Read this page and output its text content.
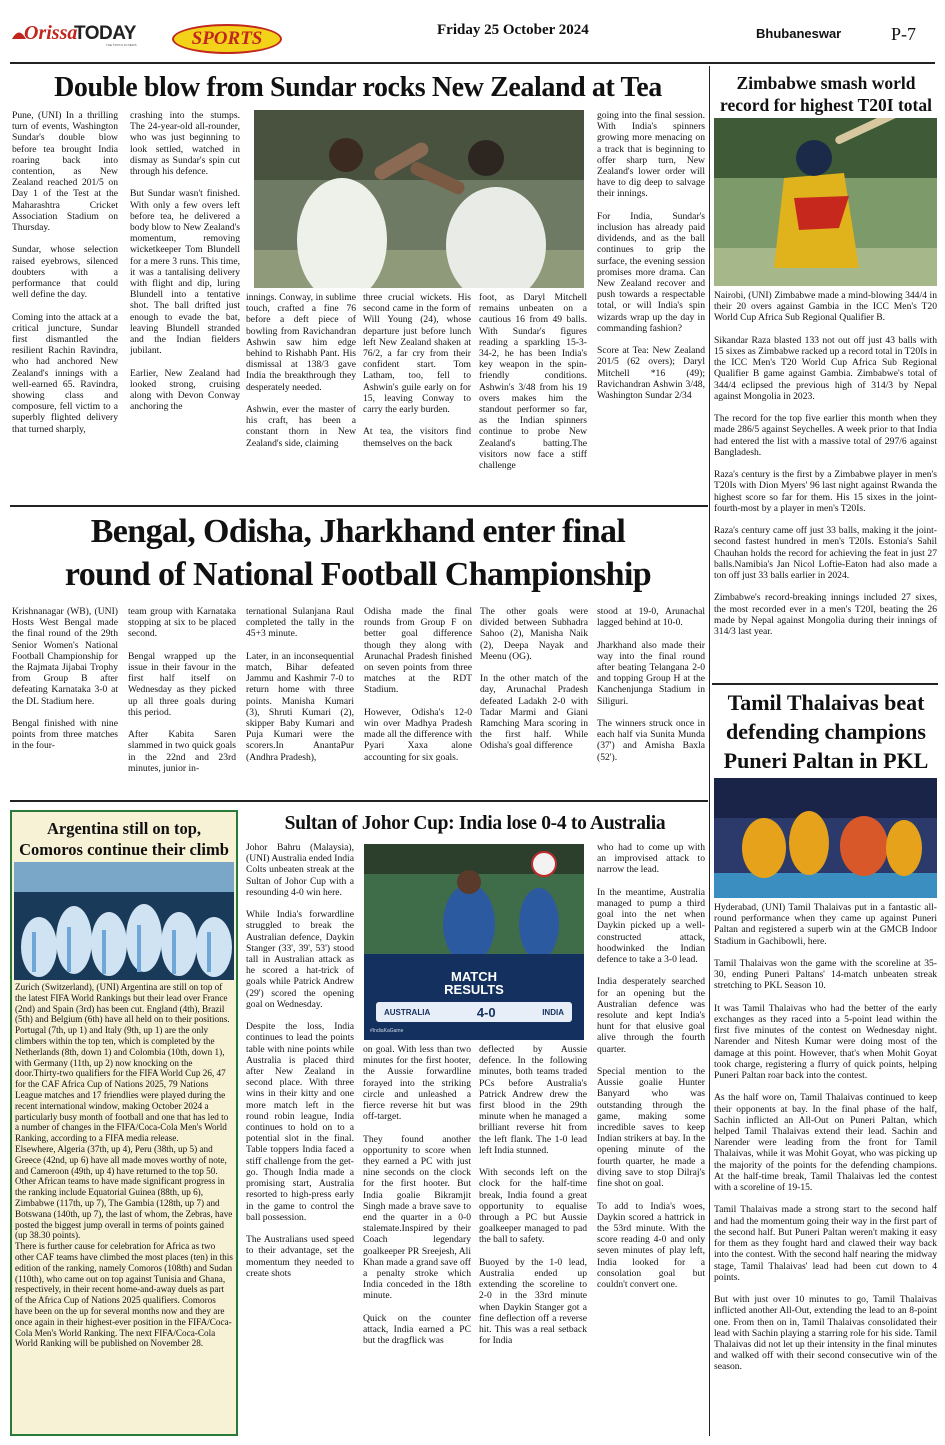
Orissa
TODAY
THE TRUTH IN NEWS	SPORTS	Friday 25 October 2024	Bhubaneswar	P-7
Double blow from Sundar rocks New Zealand at Tea
Pune, (UNI) In a thrilling turn of events, Washington Sundar's double blow before tea brought India roaring back into contention, as New Zealand reached 201/5 on Day 1 of the Test at the Maharashtra Cricket Association Stadium on Thursday.

Sundar, whose selection raised eyebrows, silenced doubters with a performance that could well define the day.

Coming into the attack at a critical juncture, Sundar first dismantled the resilient Rachin Ravindra, who had anchored New Zealand's innings with a well-earned 65. Ravindra, showing class and composure, fell victim to a superbly flighted delivery that turned sharply,
crashing into the stumps. The 24-year-old all-rounder, who was just beginning to look settled, watched in dismay as Sundar's spin cut through his defence.

But Sundar wasn't finished. With only a few overs left before tea, he delivered a body blow to New Zealand's momentum, removing wicketkeeper Tom Blundell for a mere 3 runs. This time, it was a tantalising delivery with flight and dip, luring Blundell into a tentative shot. The ball drifted just enough to evade the bat, leaving Blundell stranded and the Indian fielders jubilant.

Earlier, New Zealand had looked strong, cruising along with Devon Conway anchoring the
innings. Conway, in sublime touch, crafted a fine 76 before a deft piece of bowling from Ravichandran Ashwin saw him edge behind to Rishabh Pant. His dismissal at 138/3 gave India the breakthrough they desperately needed.

Ashwin, ever the master of his craft, has been a constant thorn in New Zealand's side, claiming
three crucial wickets. His second came in the form of Will Young (24), whose departure just before lunch left New Zealand shaken at 76/2, a far cry from their confident start. Tom Latham, too, fell to Ashwin's guile early on for 15, leaving Conway to carry the early burden.

At tea, the visitors find themselves on the back
foot, as Daryl Mitchell remains unbeaten on a cautious 16 from 49 balls. With Sundar's figures reading a sparkling 15-3-34-2, he has been India's key weapon in the spin-friendly conditions. Ashwin's 3/48 from his 19 overs makes him the standout performer so far, as the Indian spinners continue to probe New Zealand's batting.The visitors now face a stiff challenge
going into the final session. With India's spinners growing more menacing on a track that is beginning to offer sharp turn, New Zealand's lower order will have to dig deep to salvage their innings.

For India, Sundar's inclusion has already paid dividends, and as the ball continues to grip the surface, the evening session promises more drama. Can New Zealand recover and push towards a respectable total, or will India's spin wizards wrap up the day in commanding fashion?

Score at Tea: New Zealand 201/5 (62 overs); Daryl Mitchell *16 (49); Ravichandran Ashwin 3/48, Washington Sundar 2/34
Bengal, Odisha, Jharkhand enter final
round of National Football Championship
Krishnanagar (WB), (UNI) Hosts West Bengal made the final round of the 29th Senior Women's National Football Championship for the Rajmata Jijabai Trophy from Group B after defeating Karnataka 3-0 at the DL Stadium here.

Bengal finished with nine points from three matches in the four-
team group with Karnataka stopping at six to be placed second.

Bengal wrapped up the issue in their favour in the first half itself on Wednesday as they picked up all three goals during this period.

After Kabita Saren slammed in two quick goals in the 22nd and 23rd minutes, junior in-
ternational Sulanjana Raul completed the tally in the 45+3 minute.

Later, in an inconsequential match, Bihar defeated Jammu and Kashmir 7-0 to return home with three points. Manisha Kumari (3), Shruti Kumari (2), skipper Baby Kumari and Puja Kumari were the scorers.In AnantaPur (Andhra Pradesh),
Odisha made the final rounds from Group F on better goal difference though they along with Arunachal Pradesh finished on seven points from three matches at the RDT Stadium.

However, Odisha's 12-0 win over Madhya Pradesh made all the difference with Pyari Xaxa alone accounting for six goals.
The other goals were divided between Subhadra Sahoo (2), Manisha Naik (2), Deepa Nayak and Meenu (OG).

In the other match of the day, Arunachal Pradesh defeated Ladakh 2-0 with Tadar Marmi and Giani Ramching Mara scoring in the first half. While Odisha's goal difference
stood at 19-0, Arunachal lagged behind at 10-0.

Jharkhand also made their way into the final round after beating Telangana 2-0 and topping Group H at the Kanchenjunga Stadium in Siliguri.

The winners struck once in each half via Sunita Munda (37') and Amisha Baxla (52').
Zimbabwe smash world record for highest T20I total
Nairobi, (UNI) Zimbabwe made a mind-blowing 344/4 in their 20 overs against Gambia in the ICC Men's T20 World Cup Africa Sub Regional Qualifier B.

Sikandar Raza blasted 133 not out off just 43 balls with 15 sixes as Zimbabwe racked up a record total in T20Is in the ICC Men's T20 World Cup Africa Sub Regional Qualifier B game against Gambia. Zimbabwe's total of 344/4 eclipsed the previous high of 314/3 by Nepal against Mongolia in 2023.

The record for the top five earlier this month when they made 286/5 against Seychelles. A week prior to that India had entered the list with a massive total of 297/6 against Bangladesh.

Raza's century is the first by a Zimbabwe player in men's T20Is with Dion Myers' 96 last night against Rwanda the highest score so far for them. His 15 sixes in the joint-fourth-most by a player in men's T20Is.

Raza's century came off just 33 balls, making it the joint-second fastest hundred in men's T20Is. Estonia's Sahil Chauhan holds the record for achieving the feat in just 27 balls.Namibia's Jan Nicol Loftie-Eaton had also made a ton off just 33 balls earlier in 2024.

Zimbabwe's record-breaking innings included 27 sixes, the most recorded ever in a men's T20I, beating the 26 made by Nepal against Mongolia during their innings of 314/3 last year.
Tamil Thalaivas beat
defending champions
Puneri Paltan in PKL
Hyderabad, (UNI) Tamil Thalaivas put in a fantastic all-round performance when they came up against Puneri Paltan and registered a superb win at the GMCB Indoor Stadium in Gachibowli, here.

Tamil Thalaivas won the game with the scoreline at 35-30, ending Puneri Paltans' 14-match unbeaten streak stretching to PKL Season 10.

It was Tamil Thalaivas who had the better of the early exchanges as they raced into a 5-point lead within the first five minutes of the contest on Wednesday night. Narender and Nitesh Kumar were doing most of the damage at this point. However, that's when Mohit Goyat took charge, registering a flurry of quick points, helping Puneri Paltan roar back into the contest.

As the half wore on, Tamil Thalaivas continued to keep their opponents at bay. In the final phase of the half, Sachin inflicted an All-Out on Puneri Paltan, which helped Tamil Thalaivas extend their lead. Sachin and Narender were leading from the front for Tamil Thalaivas, while it was Mohit Goyat, who was picking up the majority of the points for the defending champions. At the half-time break, Tamil Thalaivas led the contest with a scoreline of 19-15.

Tamil Thalaivas made a strong start to the second half and had the momentum going their way in the first part of the second half. But Puneri Paltan weren't making it easy for them as they fought hard and clawed their way back into the contest. With the second half nearing the midway stage, Tamil Thalaivas' lead had been cut down to 4 points.

But with just over 10 minutes to go, Tamil Thalaivas inflicted another All-Out, extending the lead to an 8-point one. From then on in, Tamil Thalaivas consolidated their lead with Sachin playing a starring role for his side. Tamil Thalaivas did not let up their intensity in the final minutes and walked off with their second consecutive win of the season.
Argentina still on top,
Comoros continue their climb
Zurich (Switzerland), (UNI) Argentina are still on top of the latest FIFA World Rankings but their lead over France (2nd) and Spain (3rd) has been cut. England (4th), Brazil (5th) and Belgium (6th) have all held on to their positions. Portugal (7th, up 1) and Italy (9th, up 1) are the only climbers within the top ten, which is completed by the Netherlands (8th, down 1) and Colombia (10th, down 1), with Germany (11th, up 2) now knocking on the door.Thirty-two qualifiers for the FIFA World Cup 26, 47 for the CAF Africa Cup of Nations 2025, 79 Nations League matches and 17 friendlies were played during the recent international window, making October 2024 a particularly busy month of football and one that has led to a number of changes in the FIFA/Coca-Cola Men's World Ranking, according to a FIFA media release.
Elsewhere, Algeria (37th, up 4), Peru (38th, up 5) and Greece (42nd, up 6) have all made moves worthy of note, and Cameroon (49th, up 4) have returned to the top 50. Other African teams to have made significant progress in the ranking include Equatorial Guinea (88th, up 6), Zimbabwe (117th, up 7), The Gambia (128th, up 7) and Botswana (140th, up 7), the last of whom, the Zebras, have posted the biggest jump overall in terms of points gained (up 38.30 points).
There is further cause for celebration for Africa as two other CAF teams have climbed the most places (ten) in this edition of the ranking, namely Comoros (108th) and Sudan (110th), who came out on top against Tunisia and Ghana, respectively, in their recent home-and-away duels as part of the Africa Cup of Nations 2025 qualifiers. Comoros have been on the up for several months now and they are once again in their highest-ever position in the FIFA/Coca-Cola Men's World Ranking. The next FIFA/Coca-Cola World Ranking will be published on November 28.
Sultan of Johor Cup: India lose 0-4 to Australia
Johor Bahru (Malaysia), (UNI) Australia ended India Colts unbeaten streak at the Sultan of Johor Cup with a resounding 4-0 win here.

While India's forwardline struggled to break the Australian defence, Daykin Stanger (33', 39', 53') stood tall in Australian attack as he scored a hat-trick of goals while Patrick Andrew (29') scored the opening goal on Wednesday.

Despite the loss, India continues to lead the points table with nine points while Australia is placed third after New Zealand in second place. With three wins in their kitty and one more match left in the round robin league, India continues to hold on to a potential slot in the final. Table toppers India faced a stiff challenge from the get-go. Though India made a promising start, Australia resorted to high-press early in the game to control the ball possession.

The Australians used speed to their advantage, set the momentum they needed to create shots
MATCH
RESULTS
AUSTRALIA	4-0	INDIA
#IndiaKaGame
on goal. With less than two minutes for the first hooter, the Aussie forwardline forayed into the striking circle and unleashed a fierce reverse hit but was off-target.

They found another opportunity to score when they earned a PC with just nine seconds on the clock for the first hooter. But India goalie Bikramjit Singh made a brave save to end the quarter in a 0-0 stalemate.Inspired by their Coach legendary goalkeeper PR Sreejesh, Ali Khan made a grand save off a penalty stroke which India conceded in the 18th minute.

Quick on the counter attack, India earned a PC but the dragflick was
deflected by Aussie defence. In the following minutes, both teams traded PCs before Australia's Patrick Andrew drew the first blood in the 29th minute when he managed a brilliant reverse hit from the left flank. The 1-0 lead left India stunned.

With seconds left on the clock for the half-time break, India found a great opportunity to equalise through a PC but Aussie goalkeeper managed to pad the ball to safety.

Buoyed by the 1-0 lead, Australia ended up extending the scoreline to 2-0 in the 33rd minute when Daykin Stanger got a fine deflection off a reverse hit. This was a real setback for India
who had to come up with an improvised attack to narrow the lead.

In the meantime, Australia managed to pump a third goal into the net when Daykin picked up a well-constructed attack, hoodwinked the Indian defence to take a 3-0 lead.

India desperately searched for an opening but the Australian defence was resolute and kept India's hunt for that elusive goal alive through the fourth quarter.

Special mention to the Aussie goalie Hunter Banyard who was outstanding through the game, making some incredible saves to keep Indian strikers at bay. In the opening minute of the fourth quarter, he made a diving save to stop Dilraj's fine shot on goal.

To add to India's woes, Daykin scored a hattrick in the 53rd minute. With the score reading 4-0 and only seven minutes of play left, India looked for a consolation goal but couldn't convert one.
